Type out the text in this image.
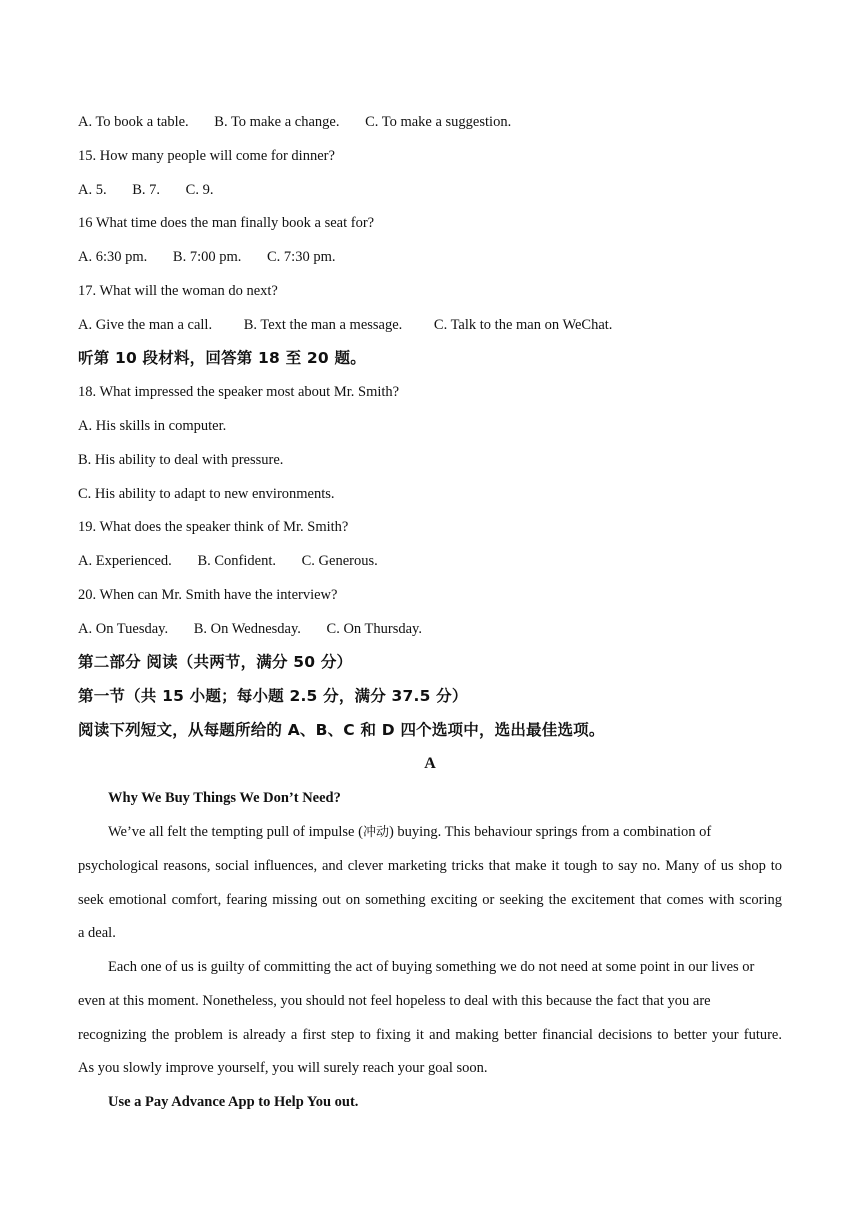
A. To book a table. B. To make a change. C. To make a suggestion.
15. How many people will come for dinner?
A. 5. B. 7. C. 9.
16 What time does the man finally book a seat for?
A. 6:30 pm. B. 7:00 pm. C. 7:30 pm.
17. What will the woman do next?
A. Give the man a call. B. Text the man a message. C. Talk to the man on WeChat.
听第 10 段材料，回答第 18 至 20 题。
18. What impressed the speaker most about Mr. Smith?
A. His skills in computer.
B. His ability to deal with pressure.
C. His ability to adapt to new environments.
19. What does the speaker think of Mr. Smith?
A. Experienced. B. Confident. C. Generous.
20. When can Mr. Smith have the interview?
A. On Tuesday. B. On Wednesday. C. On Thursday.
第二部分 阅读（共两节，满分 50 分）
第一节（共 15 小题；每小题 2.5 分，满分 37.5 分）
阅读下列短文，从每题所给的 A、B、C 和 D 四个选项中，选出最佳选项。
A
Why We Buy Things We Don’t Need?
We’ve all felt the tempting pull of impulse (冲动) buying. This behaviour springs from a combination of
psychological reasons, social influences, and clever marketing tricks that make it tough to say no. Many of us shop to
seek emotional comfort, fearing missing out on something exciting or seeking the excitement that comes with scoring
a deal.
Each one of us is guilty of committing the act of buying something we do not need at some point in our lives or
even at this moment. Nonetheless, you should not feel hopeless to deal with this because the fact that you are
recognizing the problem is already a first step to fixing it and making better financial decisions to better your future.
As you slowly improve yourself, you will surely reach your goal soon.
Use a Pay Advance App to Help You out.
